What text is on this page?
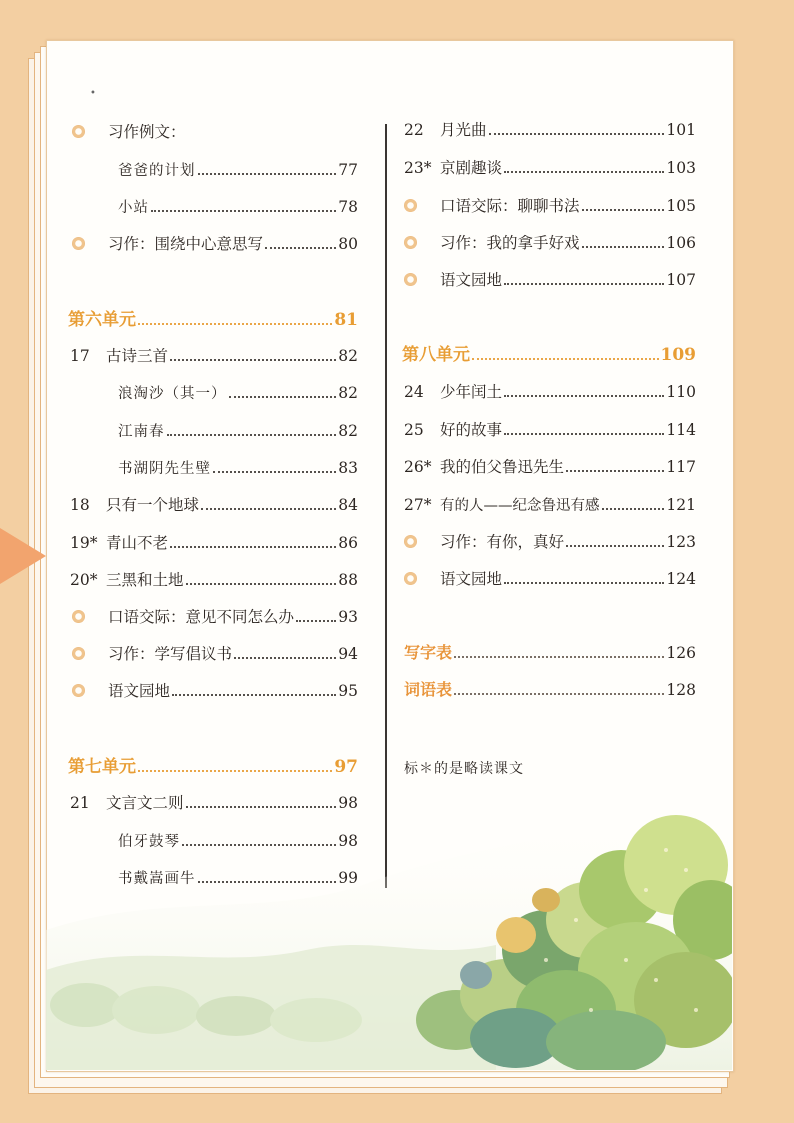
•
习作例文：
爸爸的计划	77
小站	78
习作：围绕中心意思写	80
第六单元	81
17	古诗三首	82
浪淘沙（其一）	82
江南春	82
书湖阴先生壁	83
18	只有一个地球	84
19* 青山不老	86
20* 三黑和土地	88
口语交际：意见不同怎么办	93
习作：学写倡议书	94
语文园地	95
第七单元	97
21	文言文二则	98
伯牙鼓琴	98
书戴嵩画牛	99
22	月光曲	101
23* 京剧趣谈	103
口语交际：聊聊书法	105
习作：我的拿手好戏	106
语文园地	107
第八单元	109
24	少年闰土	110
25	好的故事	114
26* 我的伯父鲁迅先生	117
27* 有的人——纪念鲁迅有感	121
习作：有你，真好	123
语文园地	124
写字表	126
词语表	128
标＊的是略读课文
